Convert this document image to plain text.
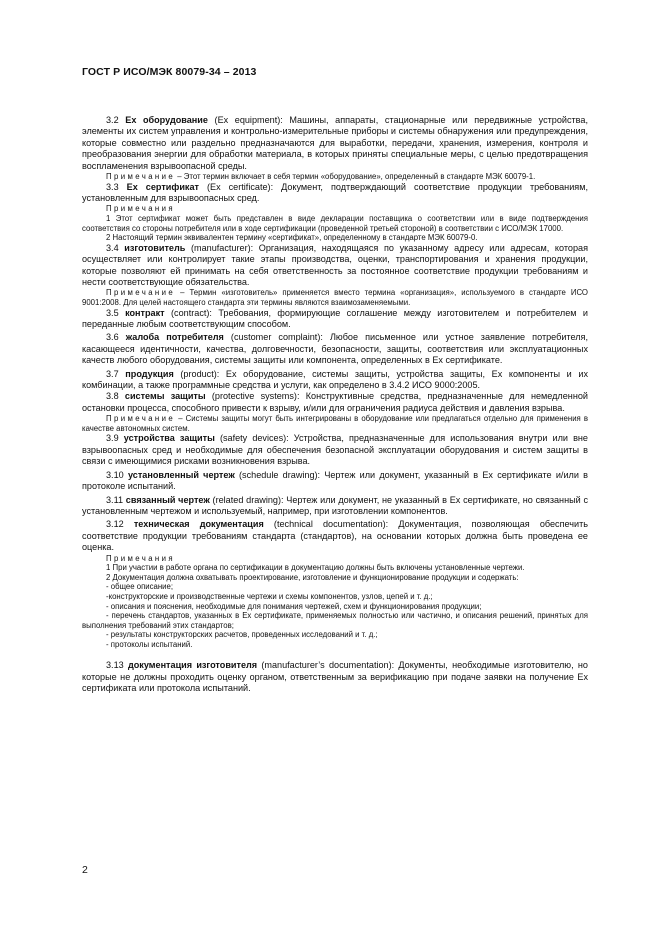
ГОСТ Р ИСО/МЭК 80079-34 – 2013

3.2 Ех оборудование (Ex equipment): Машины, аппараты, стационарные или передвижные устройства, элементы их систем управления и контрольно-измерительные приборы и системы обнаружения или предупреждения, которые совместно или раздельно предназначаются для выработки, передачи, хранения, измерения, контроля и преобразования энергии для обработки материала, в которых приняты специальные меры, с целью предотвращения воспламенения взрывоопасной среды.

Примечание – Этот термин включает в себя термин «оборудование», определенный в стандарте МЭК 60079-1.

3.3 Ех сертификат (Ex certificate): Документ, подтверждающий соответствие продукции требованиям, установленным для взрывоопасных сред.

Примечания

1 Этот сертификат может быть представлен в виде декларации поставщика о соответствии или в виде подтверждения соответствия со стороны потребителя или в ходе сертификации (проведенной третьей стороной) в соответствии с ИСО/МЭК 17000.

2 Настоящий термин эквивалентен термину «сертификат», определенному в стандарте МЭК 60079-0.

3.4 изготовитель (manufacturer): Организация, находящаяся по указанному адресу или адресам, которая осуществляет или контролирует такие этапы производства, оценки, транспортирования и хранения продукции, которые позволяют ей принимать на себя ответственность за постоянное соответствие продукции требованиям и нести соответствующие обязательства.

Примечание – Термин «изготовитель» применяется вместо термина «организация», используемого в стандарте ИСО 9001:2008. Для целей настоящего стандарта эти термины являются взаимозаменяемыми.

3.5 контракт (contract): Требования, формирующие соглашение между изготовителем и потребителем и переданные любым соответствующим способом.

3.6 жалоба потребителя (customer complaint): Любое письменное или устное заявление потребителя, касающееся идентичности, качества, долговечности, безопасности, защиты, соответствия или эксплуатационных качеств любого оборудования, системы защиты или компонента, определенных в Ех сертификате.

3.7 продукция (product): Ех оборудование, системы защиты, устройства защиты, Ех компоненты и их комбинации, а также программные средства и услуги, как определено в 3.4.2 ИСО 9000:2005.

3.8 системы защиты (protective systems): Конструктивные средства, предназначенные для немедленной остановки процесса, способного привести к взрыву, и/или для ограничения радиуса действия и давления взрыва.

Примечание – Системы защиты могут быть интегрированы в оборудование или предлагаться отдельно для применения в качестве автономных систем.

3.9 устройства защиты (safety devices): Устройства, предназначенные для использования внутри или вне взрывоопасных сред и необходимые для обеспечения безопасной эксплуатации оборудования и систем защиты в связи с имеющимися рисками возникновения взрыва.

3.10 установленный чертеж (schedule drawing): Чертеж или документ, указанный в Ех сертификате и/или в протоколе испытаний.

3.11 связанный чертеж (related drawing): Чертеж или документ, не указанный в Ех сертификате, но связанный с установленным чертежом и используемый, например, при изготовлении компонентов.

3.12 техническая документация (technical documentation): Документация, позволяющая обеспечить соответствие продукции требованиям стандарта (стандартов), на основании которых должна быть проведена ее оценка.

Примечания

1 При участии в работе органа по сертификации в документацию должны быть включены установленные чертежи.

2 Документация должна охватывать проектирование, изготовление и функционирование продукции и содержать:

- общее описание;

-конструкторские и производственные чертежи и схемы компонентов, узлов, цепей и т. д.;

- описания и пояснения, необходимые для понимания чертежей, схем и функционирования продукции;

- перечень стандартов, указанных в Ех сертификате, применяемых полностью или частично, и описания решений, принятых для выполнения требований этих стандартов;

- результаты конструкторских расчетов, проведенных исследований и т. д.;

- протоколы испытаний.

3.13 документация изготовителя (manufacturer’s documentation): Документы, необходимые изготовителю, но которые не должны проходить оценку органом, ответственным за верификацию при подаче заявки на получение Ех сертификата или протокола испытаний.

2
